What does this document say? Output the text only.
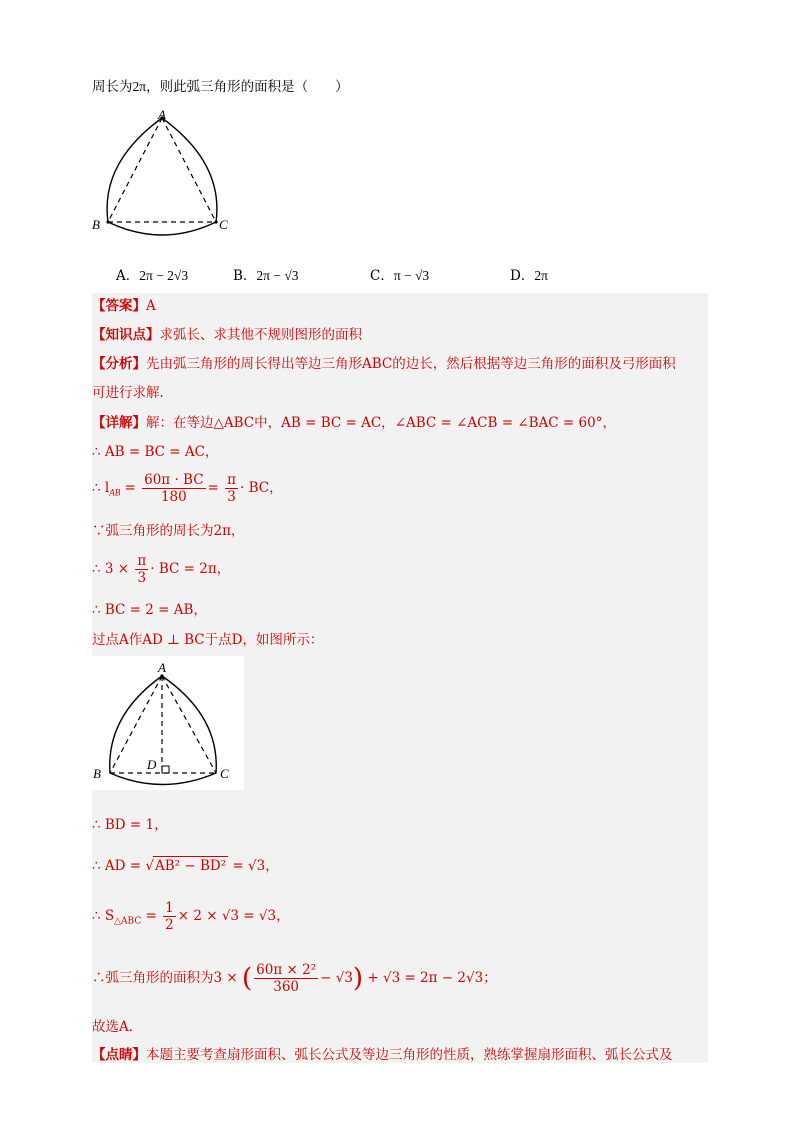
周长为2π，则此弧三角形的面积是（　　）
A
B	C
A．2π − 2√3	B．2π − √3	C．π − √3	D．2π
【答案】A
【知识点】求弧长、求其他不规则图形的面积
【分析】先由弧三角形的周长得出等边三角形ABC的边长，然后根据等边三角形的面积及弓形面积
可进行求解.
【详解】解：在等边△ABC中，AB = BC = AC，∠ABC = ∠ACB = ∠BAC = 60°，
∴ AB = BC = AC，
∴ $l_{AB} = \frac{60\pi \cdot BC}{180} = \frac{\pi}{3}$ · BC，
∵弧三角形的周长为2π，
∴ $3 \times \frac{\pi}{3}$ · BC = 2π，
∴ BC = 2 = AB，
过点A作AD ⊥ BC于点D，如图所示：
A
B	C
D
∴ BD = 1，
∴ AD = √AB² − BD² = √3，
∴ $S_{\triangle ABC} = \frac{1}{2} \times 2 \times √3 = √3$，
∴弧三角形的面积为3 × ( $\frac{\text{60π × 2²}}{360} - √3) + √3 = 2\pi - 2√3$；
故选A.
【点睛】本题主要考查扇形面积、弧长公式及等边三角形的性质，熟练掌握扇形面积、弧长公式及
